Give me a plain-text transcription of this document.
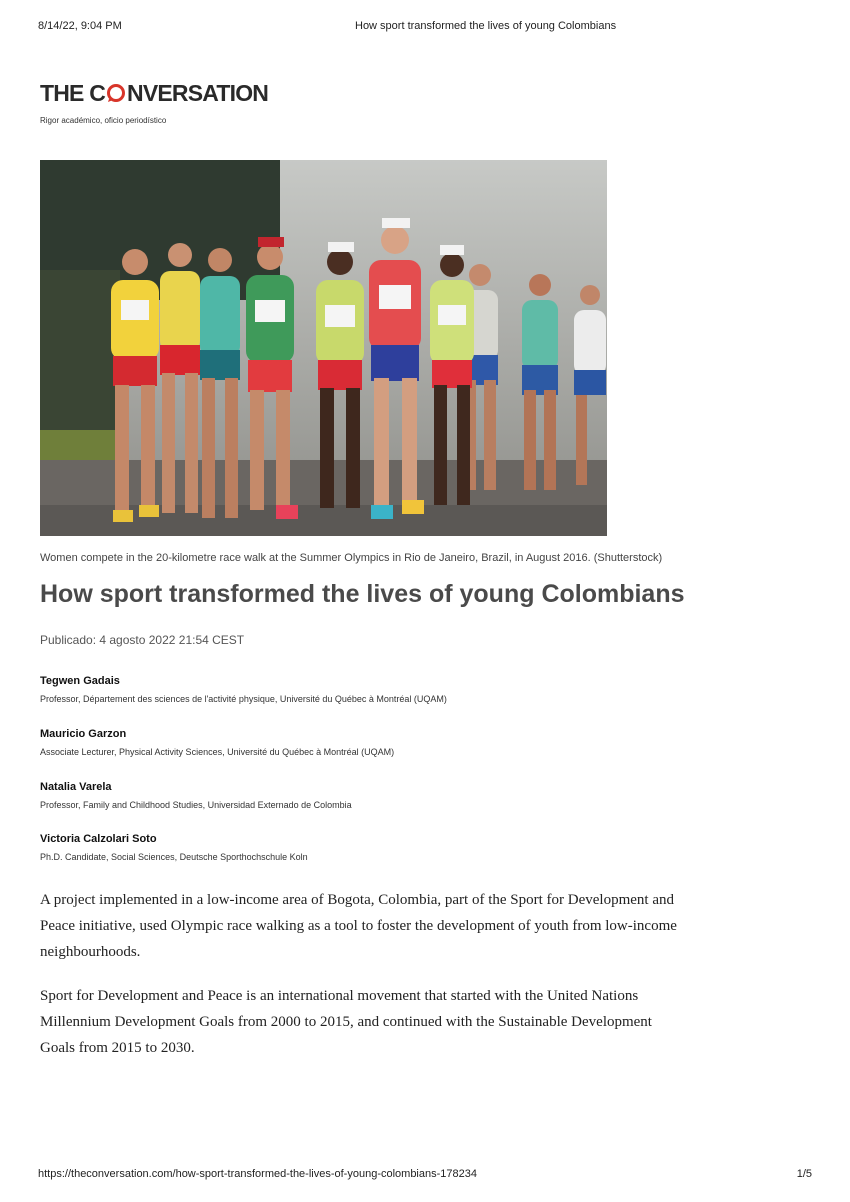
8/14/22, 9:04 PM	How sport transformed the lives of young Colombians
THE C NVERSATION
Rigor académico, oficio periodístico
Women compete in the 20-kilometre race walk at the Summer Olympics in Rio de Janeiro, Brazil, in August 2016. (Shutterstock)
How sport transformed the lives of young Colombians
Publicado: 4 agosto 2022 21:54 CEST
Tegwen Gadais
Professor, Département des sciences de l'activité physique, Université du Québec à Montréal (UQAM)
Mauricio Garzon
Associate Lecturer, Physical Activity Sciences, Université du Québec à Montréal (UQAM)
Natalia Varela
Professor, Family and Childhood Studies, Universidad Externado de Colombia
Victoria Calzolari Soto
Ph.D. Candidate, Social Sciences, Deutsche Sporthochschule Koln

A project implemented in a low-income area of Bogota, Colombia, part of the Sport for Development and Peace initiative, used Olympic race walking as a tool to foster the development of youth from low-income neighbourhoods.

Sport for Development and Peace is an international movement that started with the United Nations Millennium Development Goals from 2000 to 2015, and continued with the Sustainable Development Goals from 2015 to 2030.

https://theconversation.com/how-sport-transformed-the-lives-of-young-colombians-178234	1/5
